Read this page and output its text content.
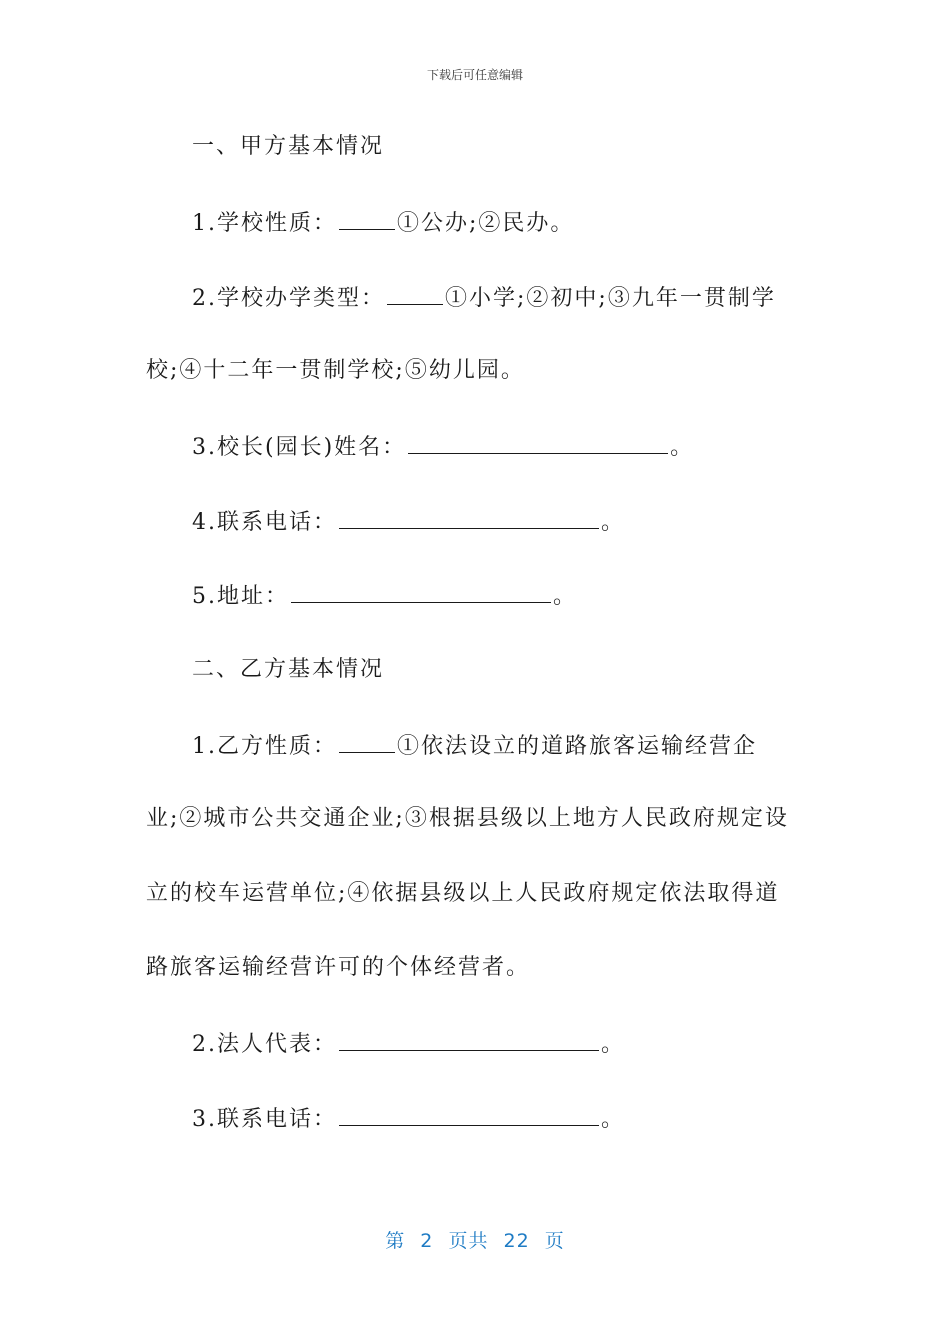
下载后可任意编辑
一、甲方基本情况
1.学校性质：	①公办;②民办。
2.学校办学类型：	①小学;②初中;③九年一贯制学
校;④十二年一贯制学校;⑤幼儿园。
3.校长(园长)姓名：	。
4.联系电话：	。
5.地址：	。
二、乙方基本情况
1.乙方性质：	①依法设立的道路旅客运输经营企
业;②城市公共交通企业;③根据县级以上地方人民政府规定设
立的校车运营单位;④依据县级以上人民政府规定依法取得道
路旅客运输经营许可的个体经营者。
2.法人代表：	。
3.联系电话：	。
第 2 页共 22 页
